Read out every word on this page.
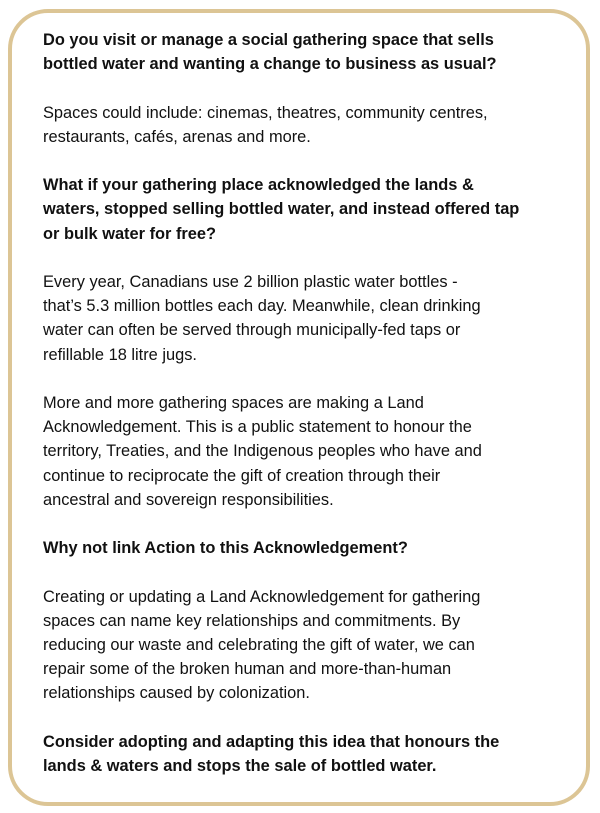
Do you visit or manage a social gathering space that sells
bottled water and wanting a change to business as usual?

Spaces could include: cinemas, theatres, community centres,
restaurants, cafés, arenas and more.

What if your gathering place acknowledged the lands &
waters, stopped selling bottled water, and instead offered tap
or bulk water for free?

Every year, Canadians use 2 billion plastic water bottles -
that’s 5.3 million bottles each day. Meanwhile, clean drinking
water can often be served through municipally-fed taps or
refillable 18 litre jugs.

More and more gathering spaces are making a Land
Acknowledgement. This is a public statement to honour the
territory, Treaties, and the Indigenous peoples who have and
continue to reciprocate the gift of creation through their
ancestral and sovereign responsibilities.

Why not link Action to this Acknowledgement?

Creating or updating a Land Acknowledgement for gathering
spaces can name key relationships and commitments. By
reducing our waste and celebrating the gift of water, we can
repair some of the broken human and more-than-human
relationships caused by colonization.

Consider adopting and adapting this idea that honours the
lands & waters and stops the sale of bottled water.
